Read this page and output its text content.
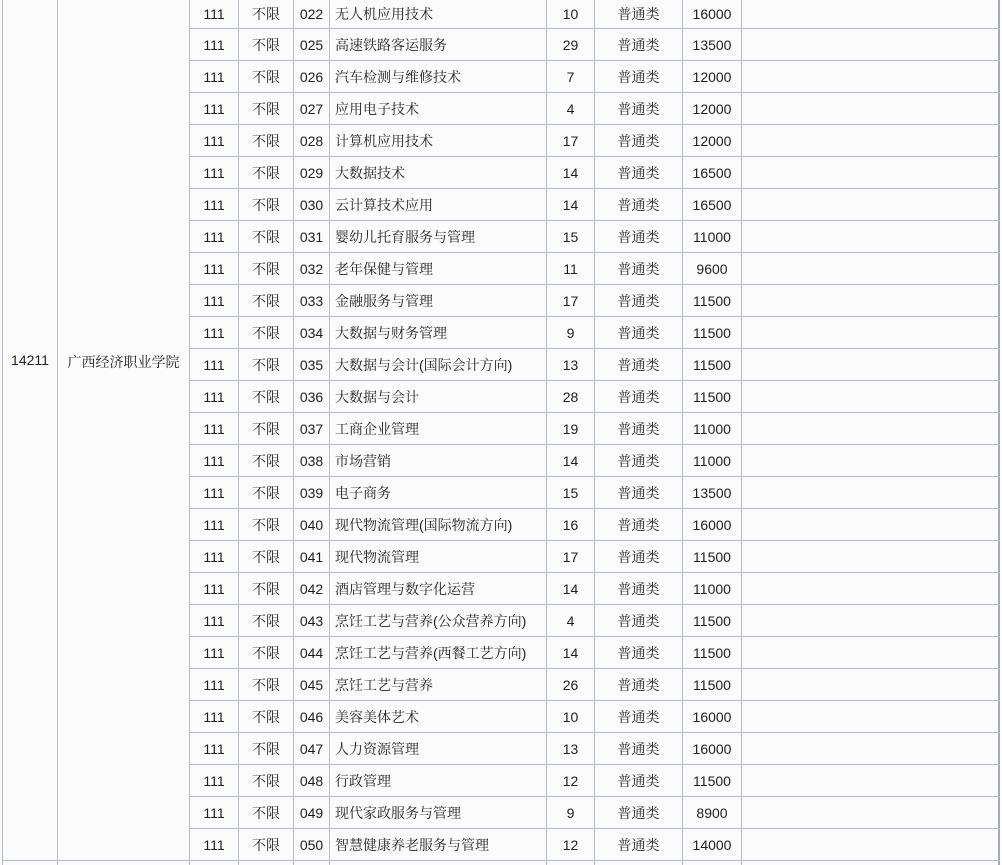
14211	广西经济职业学院
111	不限	022 无人机应用技术	10	普通类	16000
111	不限	025 高速铁路客运服务	29	普通类	13500
111	不限	026 汽车检测与维修技术	7	普通类	12000
111	不限	027 应用电子技术	4	普通类	12000
111	不限	028 计算机应用技术	17	普通类	12000
111	不限	029 大数据技术	14	普通类	16500
111	不限	030 云计算技术应用	14	普通类	16500
111	不限	031 婴幼儿托育服务与管理	15	普通类	11000
111	不限	032 老年保健与管理	11	普通类	9600
111	不限	033 金融服务与管理	17	普通类	11500
111	不限	034 大数据与财务管理	9	普通类	11500
111	不限	035 大数据与会计(国际会计方向)	13	普通类	11500
111	不限	036 大数据与会计	28	普通类	11500
111	不限	037 工商企业管理	19	普通类	11000
111	不限	038 市场营销	14	普通类	11000
111	不限	039 电子商务	15	普通类	13500
111	不限	040 现代物流管理(国际物流方向)	16	普通类	16000
111	不限	041 现代物流管理	17	普通类	11500
111	不限	042 酒店管理与数字化运营	14	普通类	11000
111	不限	043 烹饪工艺与营养(公众营养方向)	4	普通类	11500
111	不限	044 烹饪工艺与营养(西餐工艺方向)	14	普通类	11500
111	不限	045 烹饪工艺与营养	26	普通类	11500
111	不限	046 美容美体艺术	10	普通类	16000
111	不限	047 人力资源管理	13	普通类	16000
111	不限	048 行政管理	12	普通类	11500
111	不限	049 现代家政服务与管理	9	普通类	8900
111	不限	050 智慧健康养老服务与管理	12	普通类	14000
